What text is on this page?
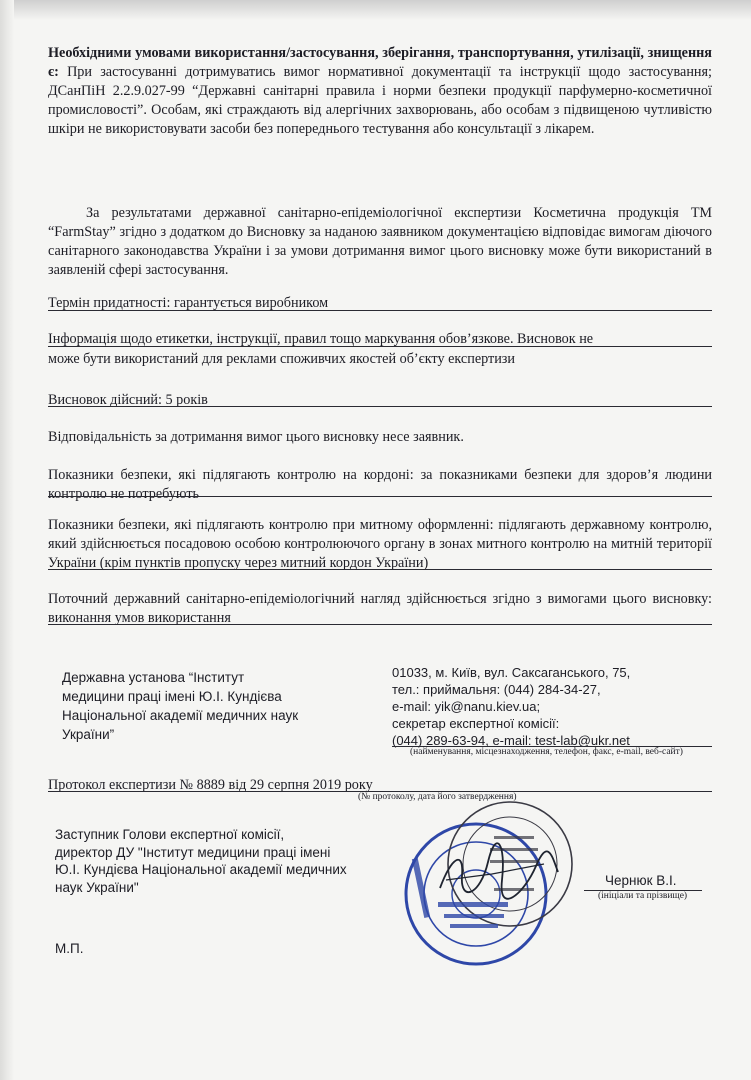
Необхідними умовами використання/застосування, зберігання, транспортування, утилізації, знищення є: При застосуванні дотримуватись вимог нормативної документації та інструкції щодо застосування; ДСанПіН 2.2.9.027-99 “Державні санітарні правила і норми безпеки продукції парфумерно-косметичної промисловості”. Особам, які страждають від алергічних захворювань, або особам з підвищеною чутливістю шкіри не використовувати засоби без попереднього тестування або консультації з лікарем.

За результатами державної санітарно-епідеміологічної експертизи Косметична продукція ТМ “FarmStay” згідно з додатком до Висновку за наданою заявником документацією відповідає вимогам діючого санітарного законодавства України і за умови дотримання вимог цього висновку може бути використаний в заявленій сфері застосування.

Термін придатності: гарантується виробником

Інформація щодо етикетки, інструкції, правил тощо маркування обов’язкове. Висновок не

може бути використаний для реклами споживчих якостей об’єкту експертизи

Висновок дійсний: 5 років

Відповідальність за дотримання вимог цього висновку несе заявник.

Показники безпеки, які підлягають контролю на кордоні: за показниками безпеки для здоров’я людини контролю не потребують

Показники безпеки, які підлягають контролю при митному оформленні: підлягають державному контролю, який здійснюється посадовою особою контролюючого органу в зонах митного контролю на митній території України (крім пунктів пропуску через митний кордон України)

Поточний державний санітарно-епідеміологічний нагляд здійснюється згідно з вимогами цього висновку: виконання умов використання

Державна установа “Інститут
медицини праці імені Ю.І. Кундієва
Національної академії медичних наук
України”
01033, м. Київ, вул. Саксаганського, 75,
тел.: приймальня: (044) 284-34-27,
e-mail: yik@nanu.kiev.ua;
секретар експертної комісії:
(044) 289-63-94, e-mail: test-lab@ukr.net
(найменування, місцезнаходження, телефон, факс, e-mail, веб-сайт)

Протокол експертизи № 8889 від 29 серпня 2019 року

(№ протоколу, дата його затвердження)
Заступник Голови експертної комісії,
директор ДУ "Інститут медицини праці імені
Ю.І. Кундієва Національної академії медичних
наук України"	Чернюк В.І.
(ініціали та прізвище)
М.П.
